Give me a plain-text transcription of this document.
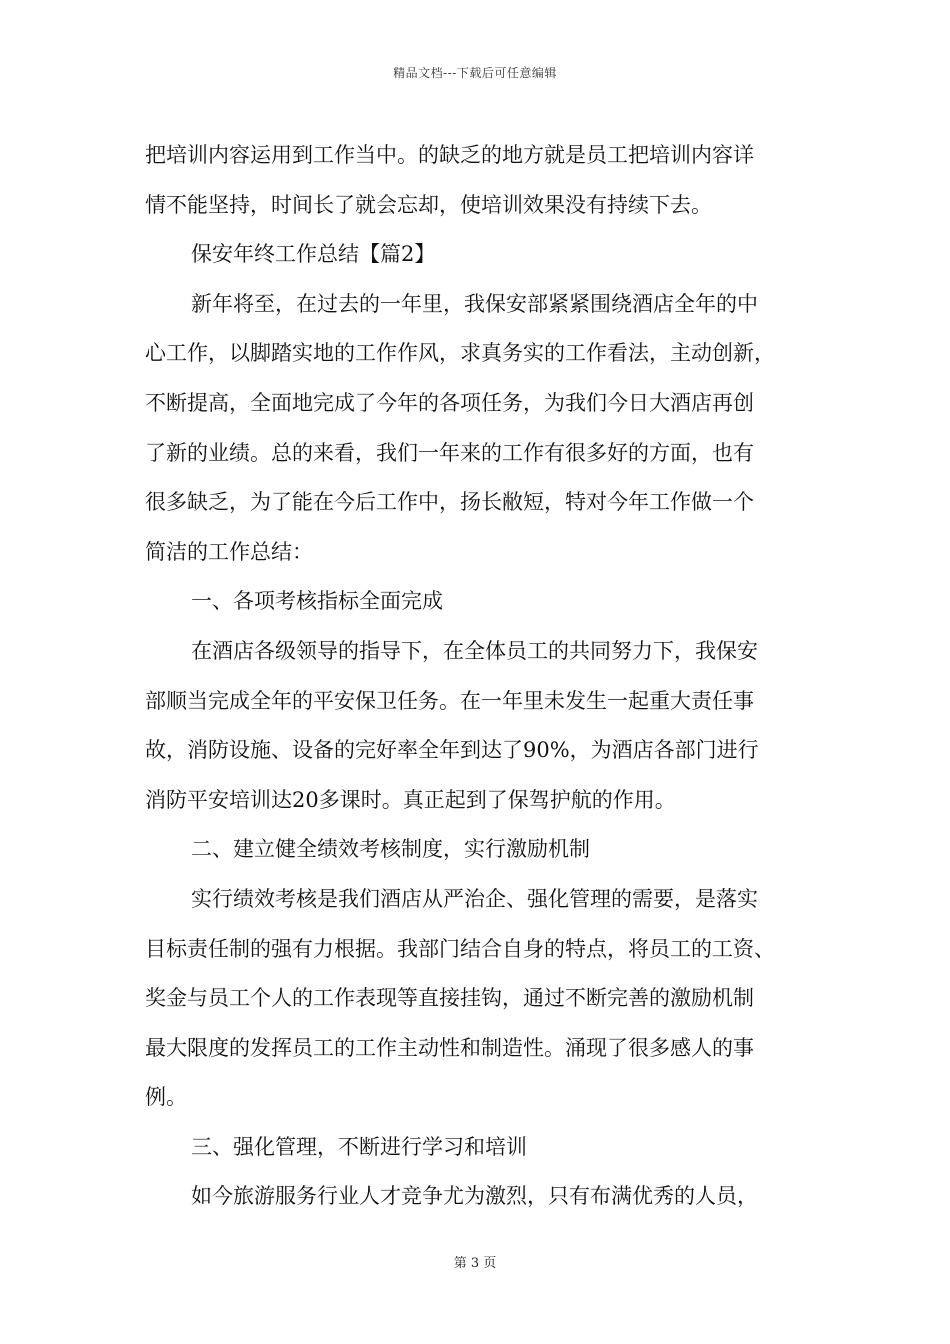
精品文档---下载后可任意编辑
把培训内容运用到工作当中。的缺乏的地方就是员工把培训内容详
情不能坚持，时间长了就会忘却，使培训效果没有持续下去。
保安年终工作总结【篇2】
新年将至，在过去的一年里，我保安部紧紧围绕酒店全年的中
心工作，以脚踏实地的工作作风，求真务实的工作看法，主动创新，
不断提高，全面地完成了今年的各项任务，为我们今日大酒店再创
了新的业绩。总的来看，我们一年来的工作有很多好的方面，也有
很多缺乏，为了能在今后工作中，扬长敝短，特对今年工作做一个
简洁的工作总结：
一、各项考核指标全面完成
在酒店各级领导的指导下，在全体员工的共同努力下，我保安
部顺当完成全年的平安保卫任务。在一年里未发生一起重大责任事
故，消防设施、设备的完好率全年到达了90%，为酒店各部门进行
消防平安培训达20多课时。真正起到了保驾护航的作用。
二、建立健全绩效考核制度，实行激励机制
实行绩效考核是我们酒店从严治企、强化管理的需要，是落实
目标责任制的强有力根据。我部门结合自身的特点，将员工的工资、
奖金与员工个人的工作表现等直接挂钩，通过不断完善的激励机制
最大限度的发挥员工的工作主动性和制造性。涌现了很多感人的事
例。
三、强化管理，不断进行学习和培训
如今旅游服务行业人才竞争尤为激烈，只有布满优秀的人员，
第 3 页
